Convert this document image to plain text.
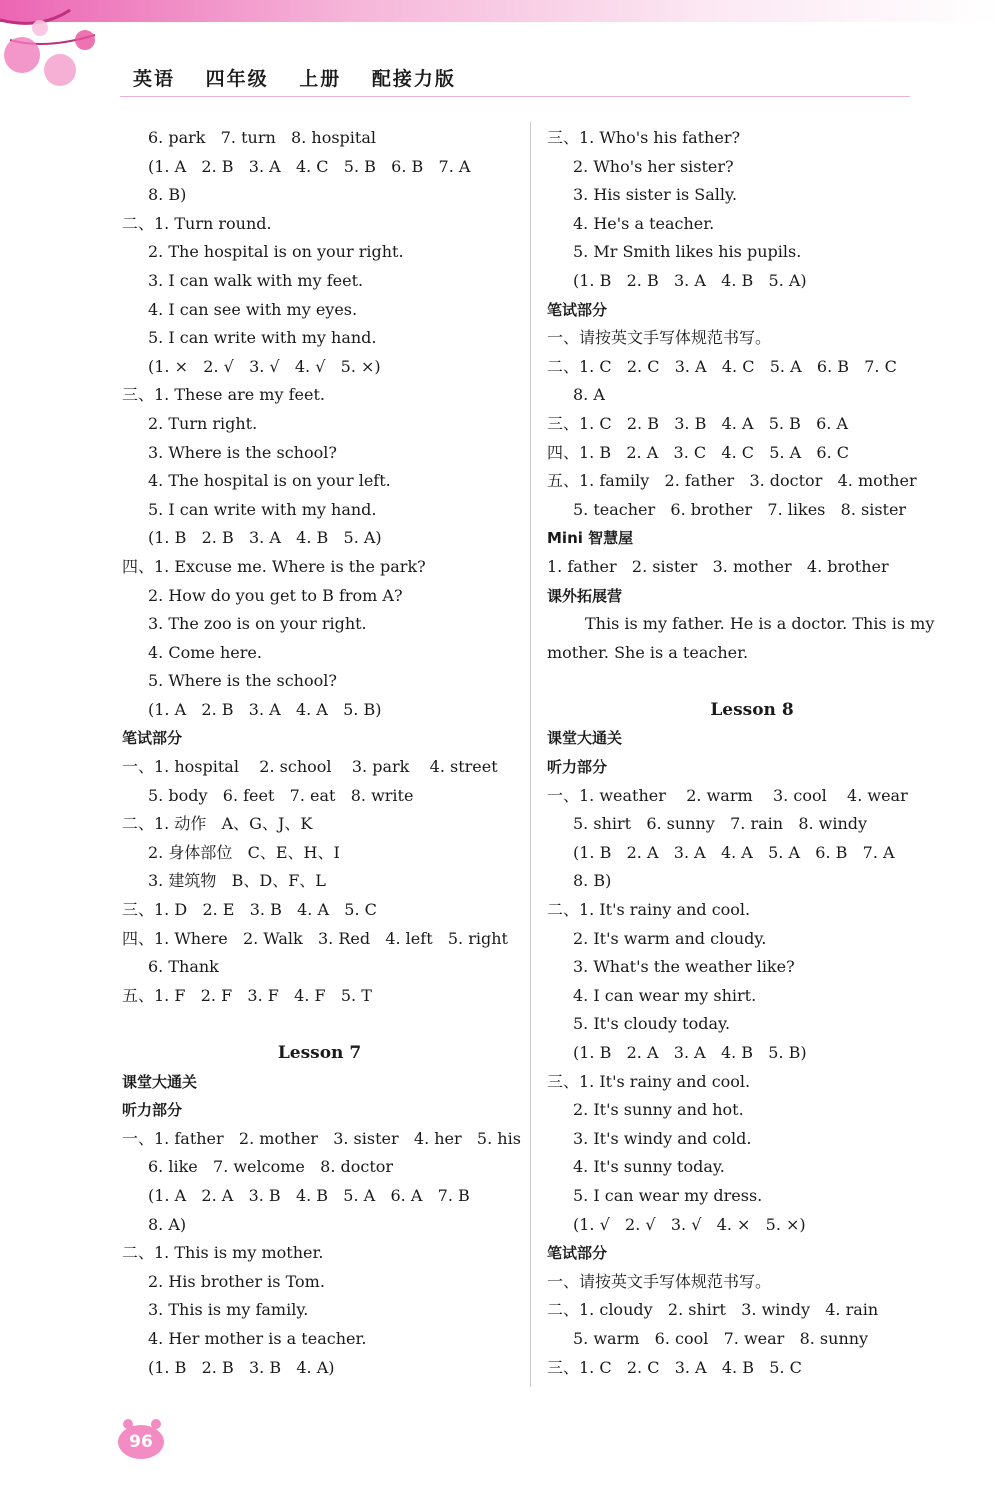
英语 四年级 上册 配接力版
6. park   7. turn   8. hospital
(1. A   2. B   3. A   4. C   5. B   6. B   7. A
8. B)
二、1. Turn round.
2. The hospital is on your right.
3. I can walk with my feet.
4. I can see with my eyes.
5. I can write with my hand.
(1. ×   2. √   3. √   4. √   5. ×)
三、1. These are my feet.
2. Turn right.
3. Where is the school?
4. The hospital is on your left.
5. I can write with my hand.
(1. B   2. B   3. A   4. B   5. A)
四、1. Excuse me. Where is the park?
2. How do you get to B from A?
3. The zoo is on your right.
4. Come here.
5. Where is the school?
(1. A   2. B   3. A   4. A   5. B)
笔试部分
一、1. hospital    2. school    3. park    4. street
5. body   6. feet   7. eat   8. write
二、1. 动作   A、G、J、K
2. 身体部位   C、E、H、I
3. 建筑物   B、D、F、L
三、1. D   2. E   3. B   4. A   5. C
四、1. Where   2. Walk   3. Red   4. left   5. right
6. Thank
五、1. F   2. F   3. F   4. F   5. T
Lesson 7
课堂大通关
听力部分
一、1. father   2. mother   3. sister   4. her   5. his
6. like   7. welcome   8. doctor
(1. A   2. A   3. B   4. B   5. A   6. A   7. B
8. A)
二、1. This is my mother.
2. His brother is Tom.
3. This is my family.
4. Her mother is a teacher.
(1. B   2. B   3. B   4. A)
三、1. Who's his father?
2. Who's her sister?
3. His sister is Sally.
4. He's a teacher.
5. Mr Smith likes his pupils.
(1. B   2. B   3. A   4. B   5. A)
笔试部分
一、请按英文手写体规范书写。
二、1. C   2. C   3. A   4. C   5. A   6. B   7. C
8. A
三、1. C   2. B   3. B   4. A   5. B   6. A
四、1. B   2. A   3. C   4. C   5. A   6. C
五、1. family   2. father   3. doctor   4. mother
5. teacher   6. brother   7. likes   8. sister
Mini 智慧屋
1. father   2. sister   3. mother   4. brother
课外拓展营
This is my father. He is a doctor. This is my mother. She is a teacher.
Lesson 8
课堂大通关
听力部分
一、1. weather    2. warm    3. cool    4. wear
5. shirt   6. sunny   7. rain   8. windy
(1. B   2. A   3. A   4. A   5. A   6. B   7. A
8. B)
二、1. It's rainy and cool.
2. It's warm and cloudy.
3. What's the weather like?
4. I can wear my shirt.
5. It's cloudy today.
(1. B   2. A   3. A   4. B   5. B)
三、1. It's rainy and cool.
2. It's sunny and hot.
3. It's windy and cold.
4. It's sunny today.
5. I can wear my dress.
(1. √   2. √   3. √   4. ×   5. ×)
笔试部分
一、请按英文手写体规范书写。
二、1. cloudy   2. shirt   3. windy   4. rain
5. warm   6. cool   7. wear   8. sunny
三、1. C   2. C   3. A   4. B   5. C
96
